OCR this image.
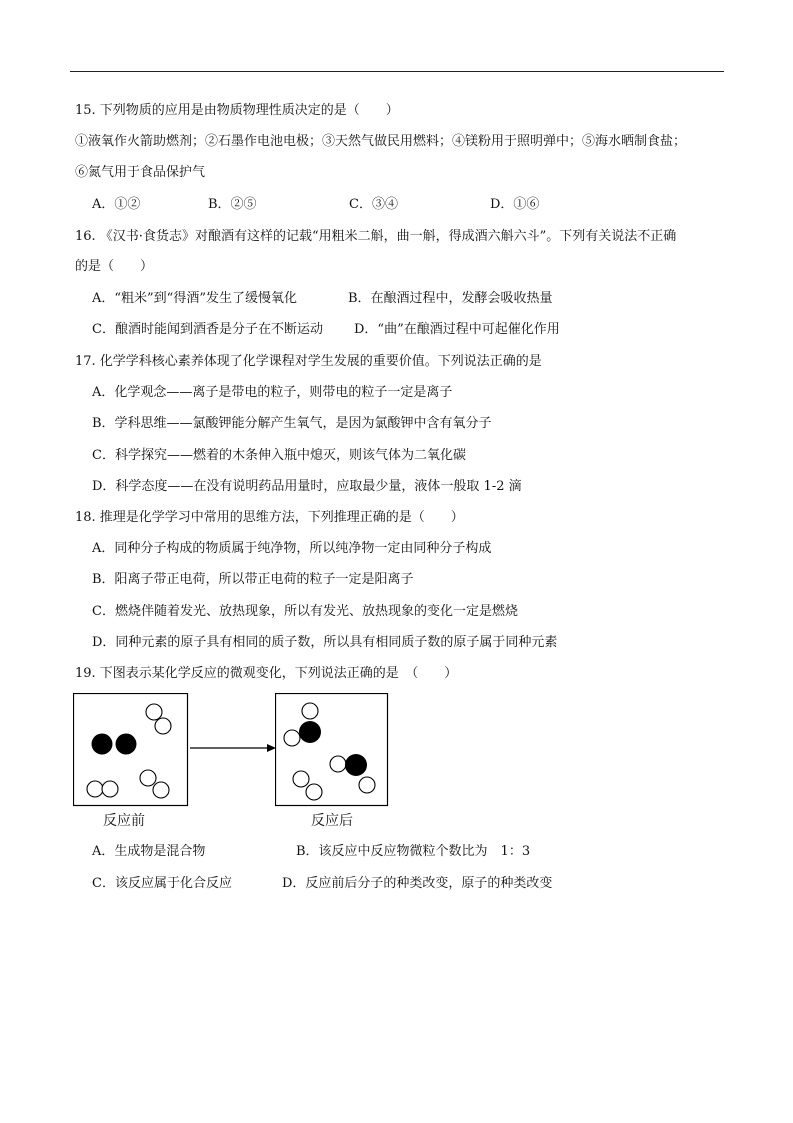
15. 下列物质的应用是由物质物理性质决定的是（　　）
①液氧作火箭助燃剂；②石墨作电池电极；③天然气做民用燃料；④镁粉用于照明弹中；⑤海水晒制食盐；
⑥氮气用于食品保护气
A．①②	B．②⑤	C．③④	D．①⑥
16. 《汉书·食货志》对酿酒有这样的记载“用粗米二斛，曲一斛，得成酒六斛六斗”。下列有关说法不正确
的是（　　）
A．“粗米”到“得酒”发生了缓慢氧化	B．在酿酒过程中，发酵会吸收热量
C．酿酒时能闻到酒香是分子在不断运动 D．“曲”在酿酒过程中可起催化作用
17. 化学学科核心素养体现了化学课程对学生发展的重要价值。下列说法正确的是
A．化学观念——离子是带电的粒子，则带电的粒子一定是离子
B．学科思维——氯酸钾能分解产生氧气，是因为氯酸钾中含有氧分子
C．科学探究——燃着的木条伸入瓶中熄灭，则该气体为二氧化碳
D．科学态度——在没有说明药品用量时，应取最少量，液体一般取 1-2 滴
18. 推理是化学学习中常用的思维方法，下列推理正确的是（　　）
A．同种分子构成的物质属于纯净物，所以纯净物一定由同种分子构成
B．阳离子带正电荷，所以带正电荷的粒子一定是阳离子
C．燃烧伴随着发光、放热现象，所以有发光、放热现象的变化一定是燃烧
D．同种元素的原子具有相同的质子数，所以具有相同质子数的原子属于同种元素
19. 下图表示某化学反应的微观变化，下列说法正确的是　（　　）
反应前	反应后
A．生成物是混合物	B．该反应中反应物微粒个数比为　1：3
C．该反应属于化合反应	D．反应前后分子的种类改变，原子的种类改变
